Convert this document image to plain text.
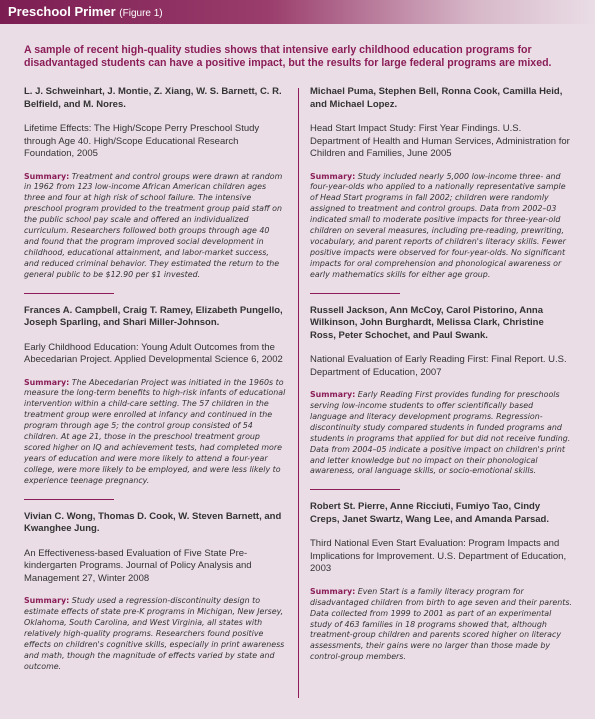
Preschool Primer (Figure 1)
A sample of recent high-quality studies shows that intensive early childhood education programs for disadvantaged students can have a positive impact, but the results for large federal programs are mixed.
L. J. Schweinhart, J. Montie, Z. Xiang, W. S. Barnett, C. R. Belfield, and M. Nores.
Lifetime Effects: The High/Scope Perry Preschool Study through Age 40. High/Scope Educational Research Foundation, 2005
Summary: Treatment and control groups were drawn at random in 1962 from 123 low-income African American children ages three and four at high risk of school failure. The intensive preschool program provided to the treatment group paid staff on the public school pay scale and offered an individualized curriculum. Researchers followed both groups through age 40 and found that the program improved social development in childhood, educational attainment, and labor-market success, and reduced criminal behavior. They estimated the return to the general public to be $12.90 per $1 invested.
Frances A. Campbell, Craig T. Ramey, Elizabeth Pungello, Joseph Sparling, and Shari Miller-Johnson.
Early Childhood Education: Young Adult Outcomes from the Abecedarian Project. Applied Developmental Science 6, 2002
Summary: The Abecedarian Project was initiated in the 1960s to measure the long-term benefits to high-risk infants of educational intervention within a child-care setting. The 57 children in the treatment group were enrolled at infancy and continued in the program through age 5; the control group consisted of 54 children. At age 21, those in the preschool treatment group scored higher on IQ and achievement tests, had completed more years of education and were more likely to attend a four-year college, were more likely to be employed, and were less likely to experience teenage pregnancy.
Vivian C. Wong, Thomas D. Cook, W. Steven Barnett, and Kwanghee Jung.
An Effectiveness-based Evaluation of Five State Pre-kindergarten Programs. Journal of Policy Analysis and Management 27, Winter 2008
Summary: Study used a regression-discontinuity design to estimate effects of state pre-K programs in Michigan, New Jersey, Oklahoma, South Carolina, and West Virginia, all states with relatively high-quality programs. Researchers found positive effects on children's cognitive skills, especially in print awareness and math, though the magnitude of effects varied by state and outcome.
Michael Puma, Stephen Bell, Ronna Cook, Camilla Heid, and Michael Lopez.
Head Start Impact Study: First Year Findings. U.S. Department of Health and Human Services, Administration for Children and Families, June 2005
Summary: Study included nearly 5,000 low-income three- and four-year-olds who applied to a nationally representative sample of Head Start programs in fall 2002; children were randomly assigned to treatment and control groups. Data from 2002–03 indicated small to moderate positive impacts for three-year-old children on several measures, including pre-reading, prewriting, vocabulary, and parent reports of children's literacy skills. Fewer positive impacts were observed for four-year-olds. No significant impacts for oral comprehension and phonological awareness or early mathematics skills for either age group.
Russell Jackson, Ann McCoy, Carol Pistorino, Anna Wilkinson, John Burghardt, Melissa Clark, Christine Ross, Peter Schochet, and Paul Swank.
National Evaluation of Early Reading First: Final Report. U.S. Department of Education, 2007
Summary: Early Reading First provides funding for preschools serving low-income students to offer scientifically based language and literacy development programs. Regression-discontinuity study compared students in funded programs and students in programs that applied for but did not receive funding. Data from 2004–05 indicate a positive impact on children's print and letter knowledge but no impact on their phonological awareness, oral language skills, or socio-emotional skills.
Robert St. Pierre, Anne Ricciuti, Fumiyo Tao, Cindy Creps, Janet Swartz, Wang Lee, and Amanda Parsad.
Third National Even Start Evaluation: Program Impacts and Implications for Improvement. U.S. Department of Education, 2003
Summary: Even Start is a family literacy program for disadvantaged children from birth to age seven and their parents. Data collected from 1999 to 2001 as part of an experimental study of 463 families in 18 programs showed that, although treatment-group children and parents scored higher on literacy assessments, their gains were no larger than those made by control-group members.
